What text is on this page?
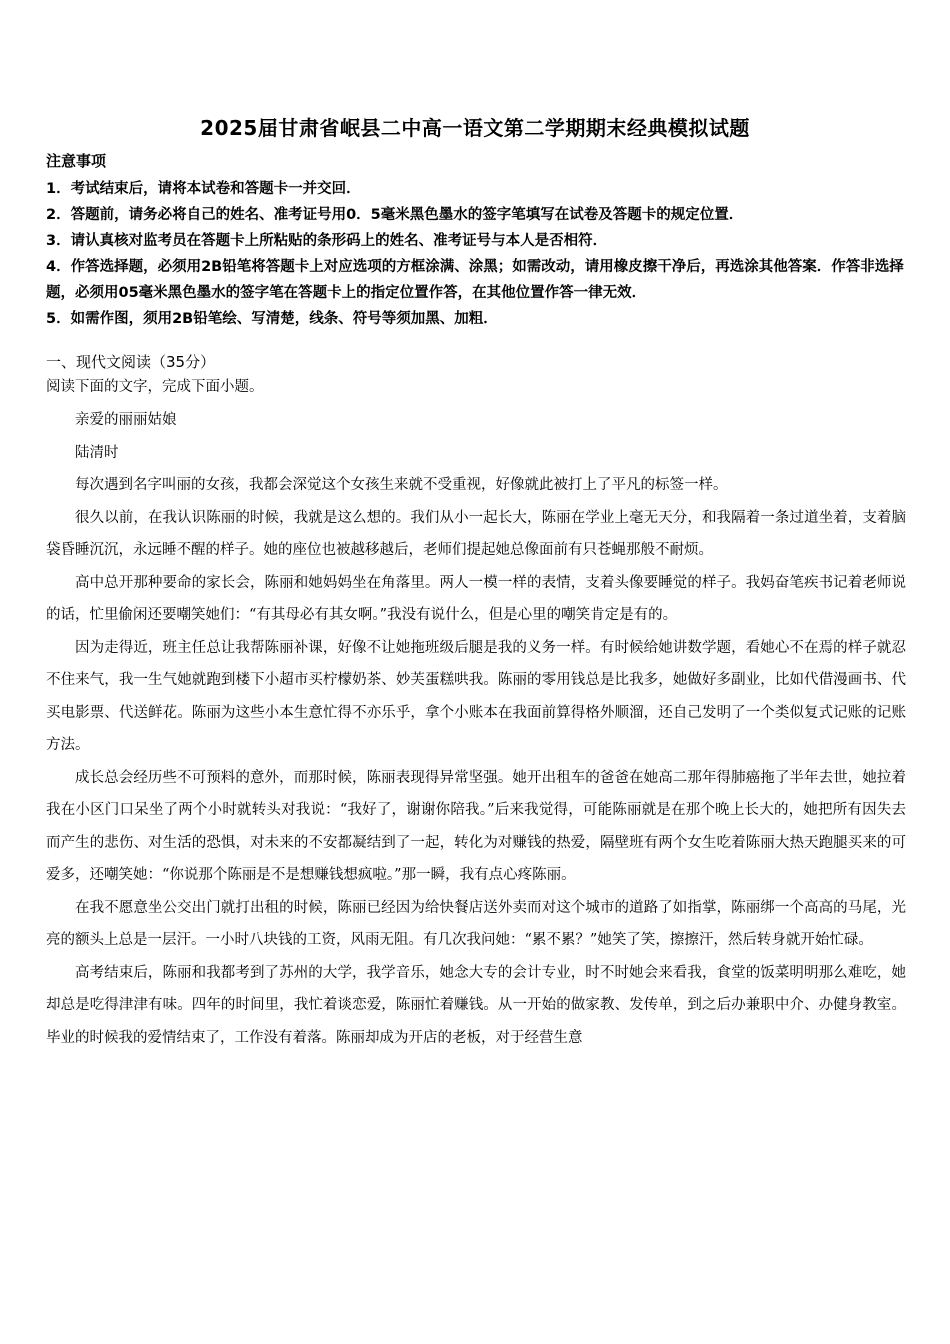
2025届甘肃省岷县二中高一语文第二学期期末经典模拟试题
注意事项
1．考试结束后，请将本试卷和答题卡一并交回．
2．答题前，请务必将自己的姓名、准考证号用0．5毫米黑色墨水的签字笔填写在试卷及答题卡的规定位置．
3．请认真核对监考员在答题卡上所粘贴的条形码上的姓名、准考证号与本人是否相符．
4．作答选择题，必须用2B铅笔将答题卡上对应选项的方框涂满、涂黑；如需改动，请用橡皮擦干净后，再选涂其他答案．作答非选择题，必须用05毫米黑色墨水的签字笔在答题卡上的指定位置作答，在其他位置作答一律无效．
5．如需作图，须用2B铅笔绘、写清楚，线条、符号等须加黑、加粗．
一、现代文阅读（35分）
阅读下面的文字，完成下面小题。

亲爱的丽丽姑娘

陆清时

每次遇到名字叫丽的女孩，我都会深觉这个女孩生来就不受重视，好像就此被打上了平凡的标签一样。

很久以前，在我认识陈丽的时候，我就是这么想的。我们从小一起长大，陈丽在学业上毫无天分，和我隔着一条过道坐着，支着脑袋昏睡沉沉，永远睡不醒的样子。她的座位也被越移越后，老师们提起她总像面前有只苍蝇那般不耐烦。

高中总开那种要命的家长会，陈丽和她妈妈坐在角落里。两人一模一样的表情，支着头像要睡觉的样子。我妈奋笔疾书记着老师说的话，忙里偷闲还要嘲笑她们：“有其母必有其女啊。”我没有说什么，但是心里的嘲笑肯定是有的。

因为走得近，班主任总让我帮陈丽补课，好像不让她拖班级后腿是我的义务一样。有时候给她讲数学题，看她心不在焉的样子就忍不住来气，我一生气她就跑到楼下小超市买柠檬奶茶、妙芙蛋糕哄我。陈丽的零用钱总是比我多，她做好多副业，比如代借漫画书、代买电影票、代送鲜花。陈丽为这些小本生意忙得不亦乐乎，拿个小账本在我面前算得格外顺溜，还自己发明了一个类似复式记账的记账方法。

成长总会经历些不可预料的意外，而那时候，陈丽表现得异常坚强。她开出租车的爸爸在她高二那年得肺癌拖了半年去世，她拉着我在小区门口呆坐了两个小时就转头对我说：“我好了，谢谢你陪我。”后来我觉得，可能陈丽就是在那个晚上长大的，她把所有因失去而产生的悲伤、对生活的恐惧，对未来的不安都凝结到了一起，转化为对赚钱的热爱，隔壁班有两个女生吃着陈丽大热天跑腿买来的可爱多，还嘲笑她：“你说那个陈丽是不是想赚钱想疯啦。”那一瞬，我有点心疼陈丽。

在我不愿意坐公交出门就打出租的时候，陈丽已经因为给快餐店送外卖而对这个城市的道路了如指掌，陈丽绑一个高高的马尾，光亮的额头上总是一层汗。一小时八块钱的工资，风雨无阻。有几次我问她：“累不累？”她笑了笑，擦擦汗，然后转身就开始忙碌。

高考结束后，陈丽和我都考到了苏州的大学，我学音乐，她念大专的会计专业，时不时她会来看我，食堂的饭菜明明那么难吃，她却总是吃得津津有味。四年的时间里，我忙着谈恋爱，陈丽忙着赚钱。从一开始的做家教、发传单，到之后办兼职中介、办健身教室。毕业的时候我的爱情结束了，工作没有着落。陈丽却成为开店的老板，对于经营生意
